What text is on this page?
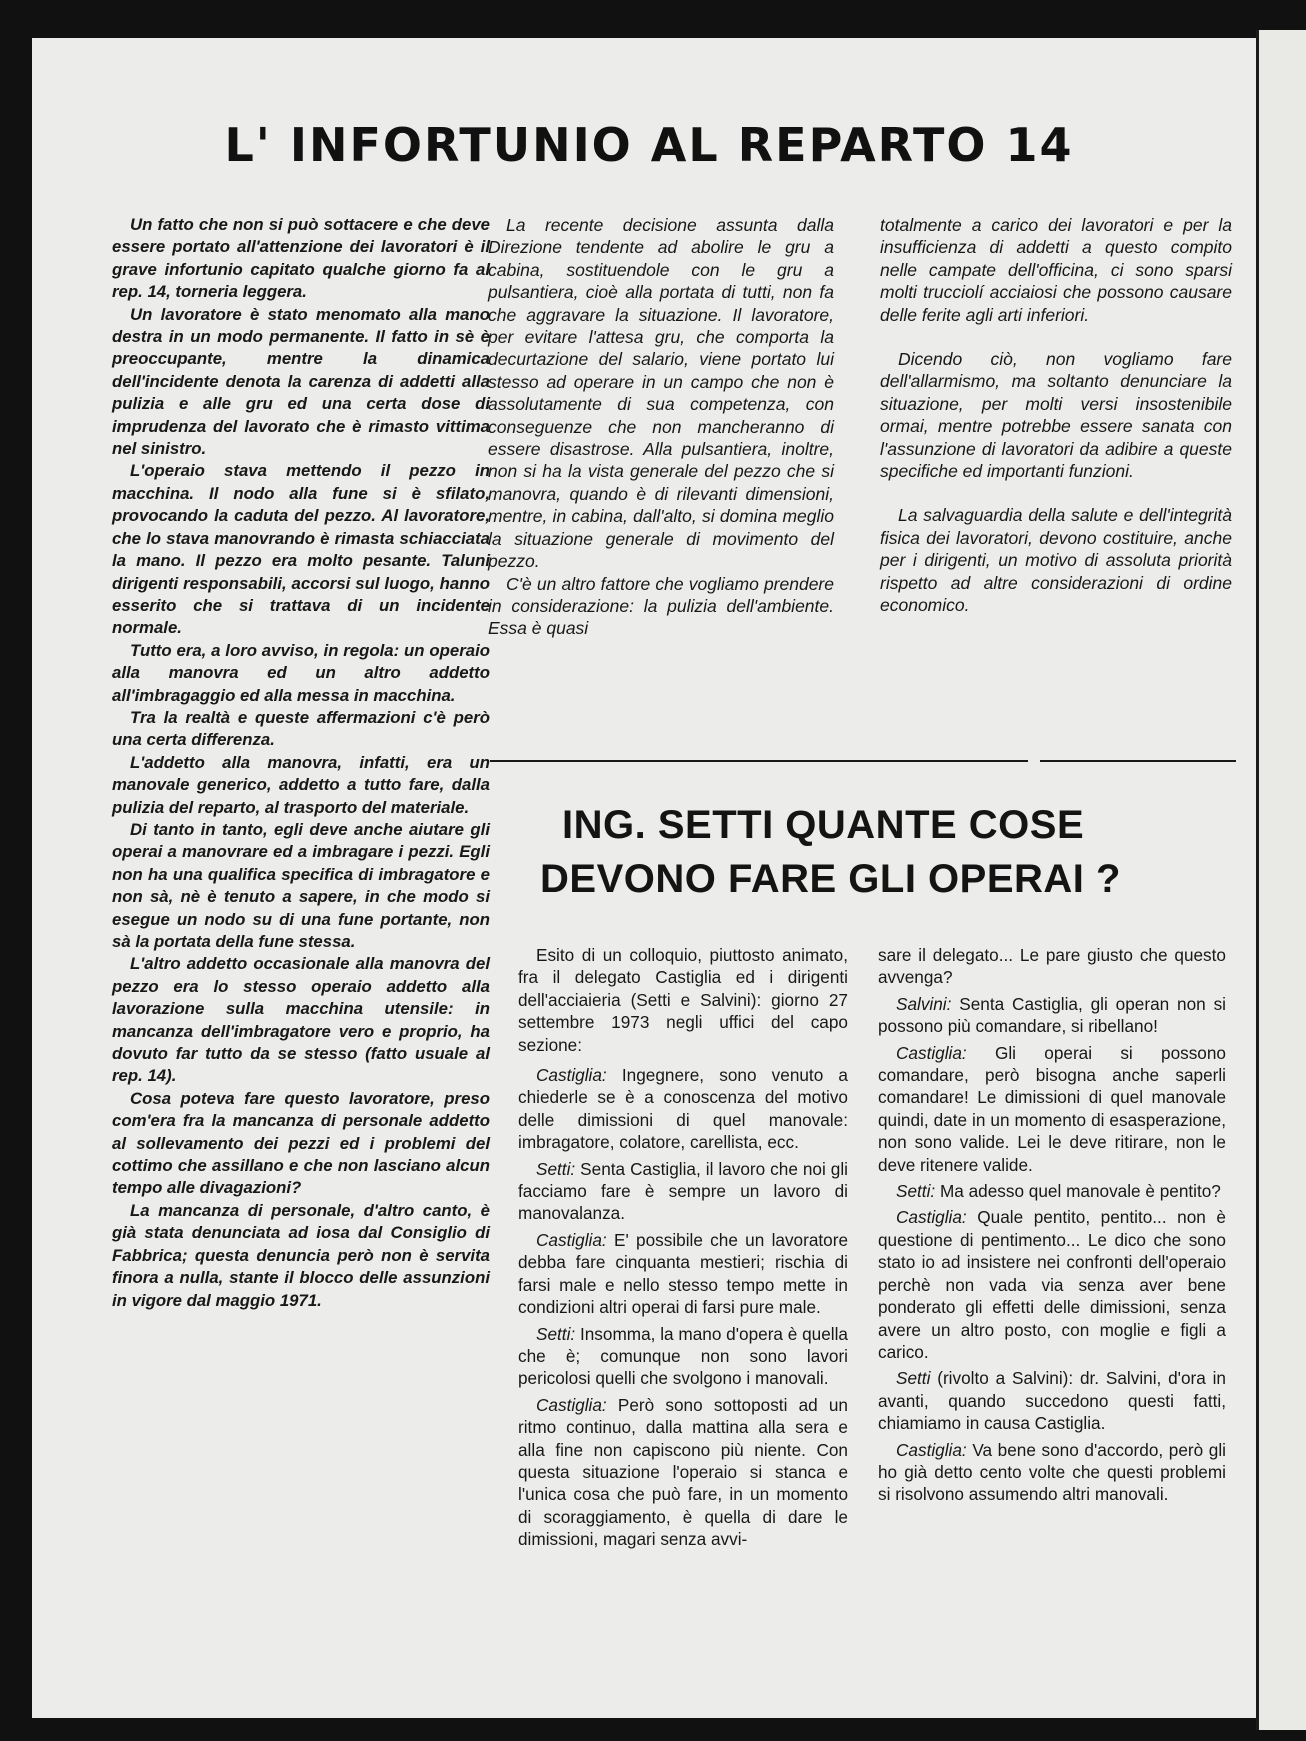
L' INFORTUNIO AL REPARTO 14

Un fatto che non si può sottacere e che deve essere portato all'attenzione dei lavoratori è il grave infortunio capitato qualche giorno fa al rep. 14, torneria leggera.

Un lavoratore è stato menomato alla mano destra in un modo permanente. Il fatto in sè è preoccupante, mentre la dinamica dell'incidente denota la carenza di addetti alla pulizia e alle gru ed una certa dose di imprudenza del lavorato che è rimasto vittima nel sinistro.

L'operaio stava mettendo il pezzo in macchina. Il nodo alla fune si è sfilato, provocando la caduta del pezzo. Al lavoratore, che lo stava manovrando è rimasta schiacciata la mano. Il pezzo era molto pesante. Taluni dirigenti responsabili, accorsi sul luogo, hanno esserito che si trattava di un incidente normale.

Tutto era, a loro avviso, in regola: un operaio alla manovra ed un altro addetto all'imbragaggio ed alla messa in macchina.

Tra la realtà e queste affermazioni c'è però una certa differenza.

L'addetto alla manovra, infatti, era un manovale generico, addetto a tutto fare, dalla pulizia del reparto, al trasporto del materiale.

Di tanto in tanto, egli deve anche aiutare gli operai a manovrare ed a imbragare i pezzi. Egli non ha una qualifica specifica di imbragatore e non sà, nè è tenuto a sapere, in che modo si esegue un nodo su di una fune portante, non sà la portata della fune stessa.

L'altro addetto occasionale alla manovra del pezzo era lo stesso operaio addetto alla lavorazione sulla macchina utensile: in mancanza dell'imbragatore vero e proprio, ha dovuto far tutto da se stesso (fatto usuale al rep. 14).

Cosa poteva fare questo lavoratore, preso com'era fra la mancanza di personale addetto al sollevamento dei pezzi ed i problemi del cottimo che assillano e che non lasciano alcun tempo alle divagazioni?

La mancanza di personale, d'altro canto, è già stata denunciata ad iosa dal Consiglio di Fabbrica; questa denuncia però non è servita finora a nulla, stante il blocco delle assunzioni in vigore dal maggio 1971.

La recente decisione assunta dalla Direzione tendente ad abolire le gru a cabina, sostituendole con le gru a pulsantiera, cioè alla portata di tutti, non fa che aggravare la situazione. Il lavoratore, per evitare l'attesa gru, che comporta la decurtazione del salario, viene portato lui stesso ad operare in un campo che non è assolutamente di sua competenza, con conseguenze che non mancheranno di essere disastrose. Alla pulsantiera, inoltre, non si ha la vista generale del pezzo che si manovra, quando è di rilevanti dimensioni, mentre, in cabina, dall'alto, si domina meglio la situazione generale di movimento del pezzo.

C'è un altro fattore che vogliamo prendere in considerazione: la pulizia dell'ambiente. Essa è quasi

totalmente a carico dei lavoratori e per la insufficienza di addetti a questo compito nelle campate dell'officina, ci sono sparsi molti trucciolí acciaiosi che possono causare delle ferite agli arti inferiori.

Dicendo ciò, non vogliamo fare dell'allarmismo, ma soltanto denunciare la situazione, per molti versi insostenibile ormai, mentre potrebbe essere sanata con l'assunzione di lavoratori da adibire a queste specifiche ed importanti funzioni.

La salvaguardia della salute e dell'integrità fisica dei lavoratori, devono costituire, anche per i dirigenti, un motivo di assoluta priorità rispetto ad altre considerazioni di ordine economico.

ING. SETTI QUANTE COSE
DEVONO FARE GLI OPERAI ?

Esito di un colloquio, piuttosto animato, fra il delegato Castiglia ed i dirigenti dell'acciaieria (Setti e Salvini): giorno 27 settembre 1973 negli uffici del capo sezione:

Castiglia: Ingegnere, sono venuto a chiederle se è a conoscenza del motivo delle dimissioni di quel manovale: imbragatore, colatore, carellista, ecc.

Setti: Senta Castiglia, il lavoro che noi gli facciamo fare è sempre un lavoro di manovalanza.

Castiglia: E' possibile che un lavoratore debba fare cinquanta mestieri; rischia di farsi male e nello stesso tempo mette in condizioni altri operai di farsi pure male.

Setti: Insomma, la mano d'opera è quella che è; comunque non sono lavori pericolosi quelli che svolgono i manovali.

Castiglia: Però sono sottoposti ad un ritmo continuo, dalla mattina alla sera e alla fine non capiscono più niente. Con questa situazione l'operaio si stanca e l'unica cosa che può fare, in un momento di scoraggiamento, è quella di dare le dimissioni, magari senza avvi-

sare il delegato... Le pare giusto che questo avvenga?

Salvini: Senta Castiglia, gli operan non si possono più comandare, si ribellano!

Castiglia: Gli operai si possono comandare, però bisogna anche saperli comandare! Le dimissioni di quel manovale quindi, date in un momento di esasperazione, non sono valide. Lei le deve ritirare, non le deve ritenere valide.

Setti: Ma adesso quel manovale è pentito?

Castiglia: Quale pentito, pentito... non è questione di pentimento... Le dico che sono stato io ad insistere nei confronti dell'operaio perchè non vada via senza aver bene ponderato gli effetti delle dimissioni, senza avere un altro posto, con moglie e figli a carico.

Setti (rivolto a Salvini): dr. Salvini, d'ora in avanti, quando succedono questi fatti, chiamiamo in causa Castiglia.

Castiglia: Va bene sono d'accordo, però gli ho già detto cento volte che questi problemi si risolvono assumendo altri manovali.
